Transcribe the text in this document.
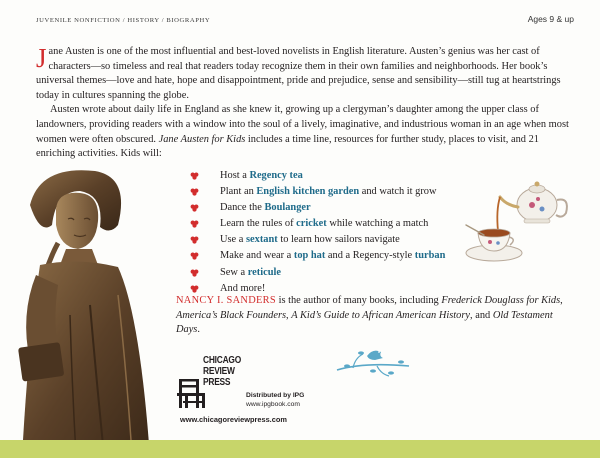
JUVENILE NONFICTION / HISTORY / BIOGRAPHY	Ages 9 & up

Jane Austen is one of the most influential and best-loved novelists in English literature. Austen’s genius was her cast of characters—so timeless and real that readers today recognize them in their own families and neighborhoods. Her book’s universal themes—love and hate, hope and disappointment, pride and prejudice, sense and sensibility—still tug at heartstrings today in cultures spanning the globe.

Austen wrote about daily life in England as she knew it, growing up a clergyman’s daughter among the upper class of landowners, providing readers with a window into the soul of a lively, imaginative, and industrious woman in an age when most women were often obscured. Jane Austen for Kids includes a time line, resources for further study, places to visit, and 21 enriching activities. Kids will:

Host a Regency tea
Plant an English kitchen garden and watch it grow
Dance the Boulanger
Learn the rules of cricket while watching a match
Use a sextant to learn how sailors navigate
Make and wear a top hat and a Regency-style turban
Sew a reticule
And more!
NANCY I. SANDERS is the author of many books, including Frederick Douglass for Kids, America’s Black Founders, A Kid’s Guide to African American History, and Old Testament Days.
CHICAGO
REVIEW
PRESS
Distributed by IPG
www.ipgbook.com
www.chicagoreviewpress.com
